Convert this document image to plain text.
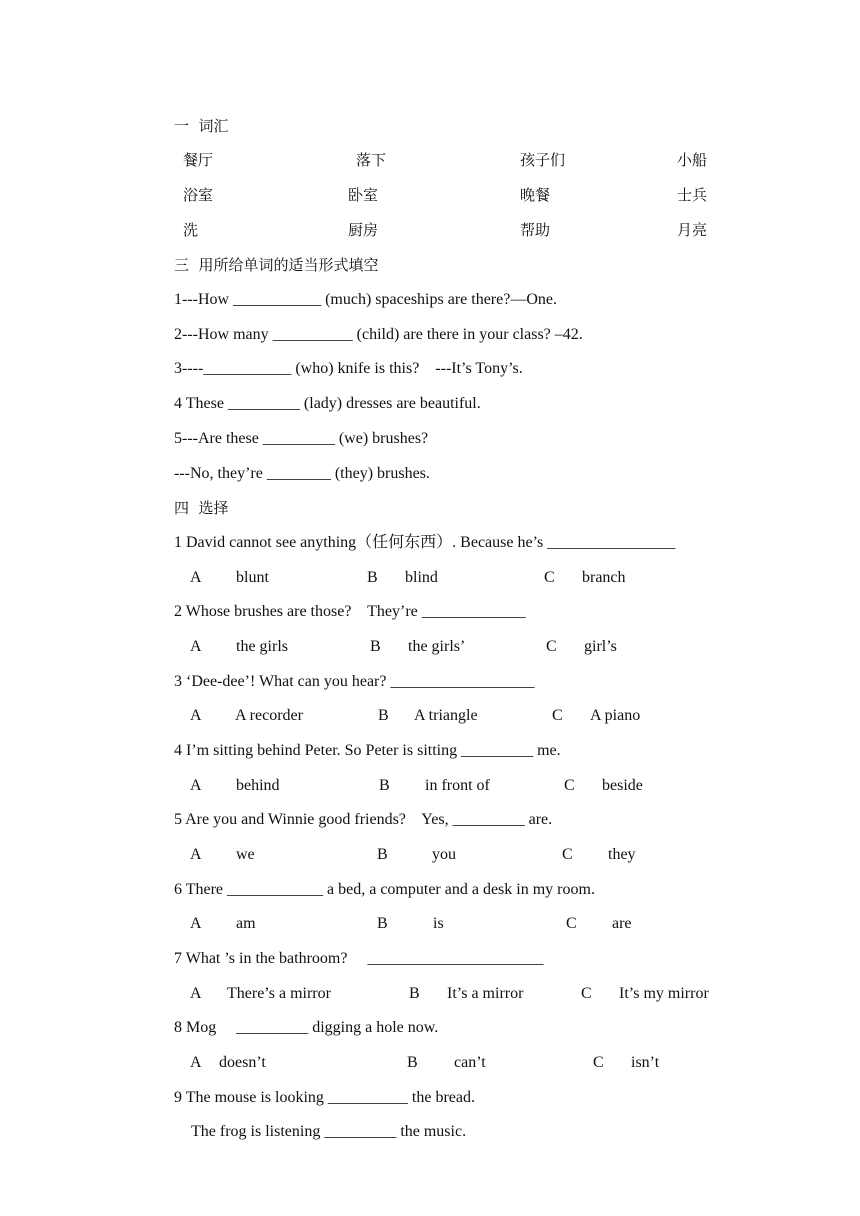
一  词汇
餐厅	落下	孩子们	小船
浴室	卧室	晚餐	士兵
洗	厨房	帮助	月亮
三  用所给单词的适当形式填空
1---How ___________ (much) spaceships are there?—One.
2---How many __________ (child) are there in your class? –42.
3----___________ (who) knife is this?    ---It’s Tony’s.
4 These _________ (lady) dresses are beautiful.
5---Are these _________ (we) brushes?
---No, they’re ________ (they) brushes.
四  选择
1 David cannot see anything（任何东西）. Because he’s ________________
A blunt	B blind	C branch
2 Whose brushes are those?    They’re _____________
A the girls	B the girls’	C girl’s
3 ‘Dee-dee’! What can you hear? __________________
A A recorder	B A triangle	C A piano
4 I’m sitting behind Peter. So Peter is sitting _________ me.
A behind	B in front of	C beside
5 Are you and Winnie good friends?    Yes, _________ are.
A we	B	you	C they
6 There ____________ a bed, a computer and a desk in my room.
A am	B	is	C are
7 What ’s in the bathroom?     ______________________
A There’s a mirror	B It’s a mirror	C It’s my mirror
8 Mog     _________ digging a hole now.
A doesn’t	B can’t	C isn’t
9 The mouse is looking __________ the bread.
The frog is listening _________ the music.
